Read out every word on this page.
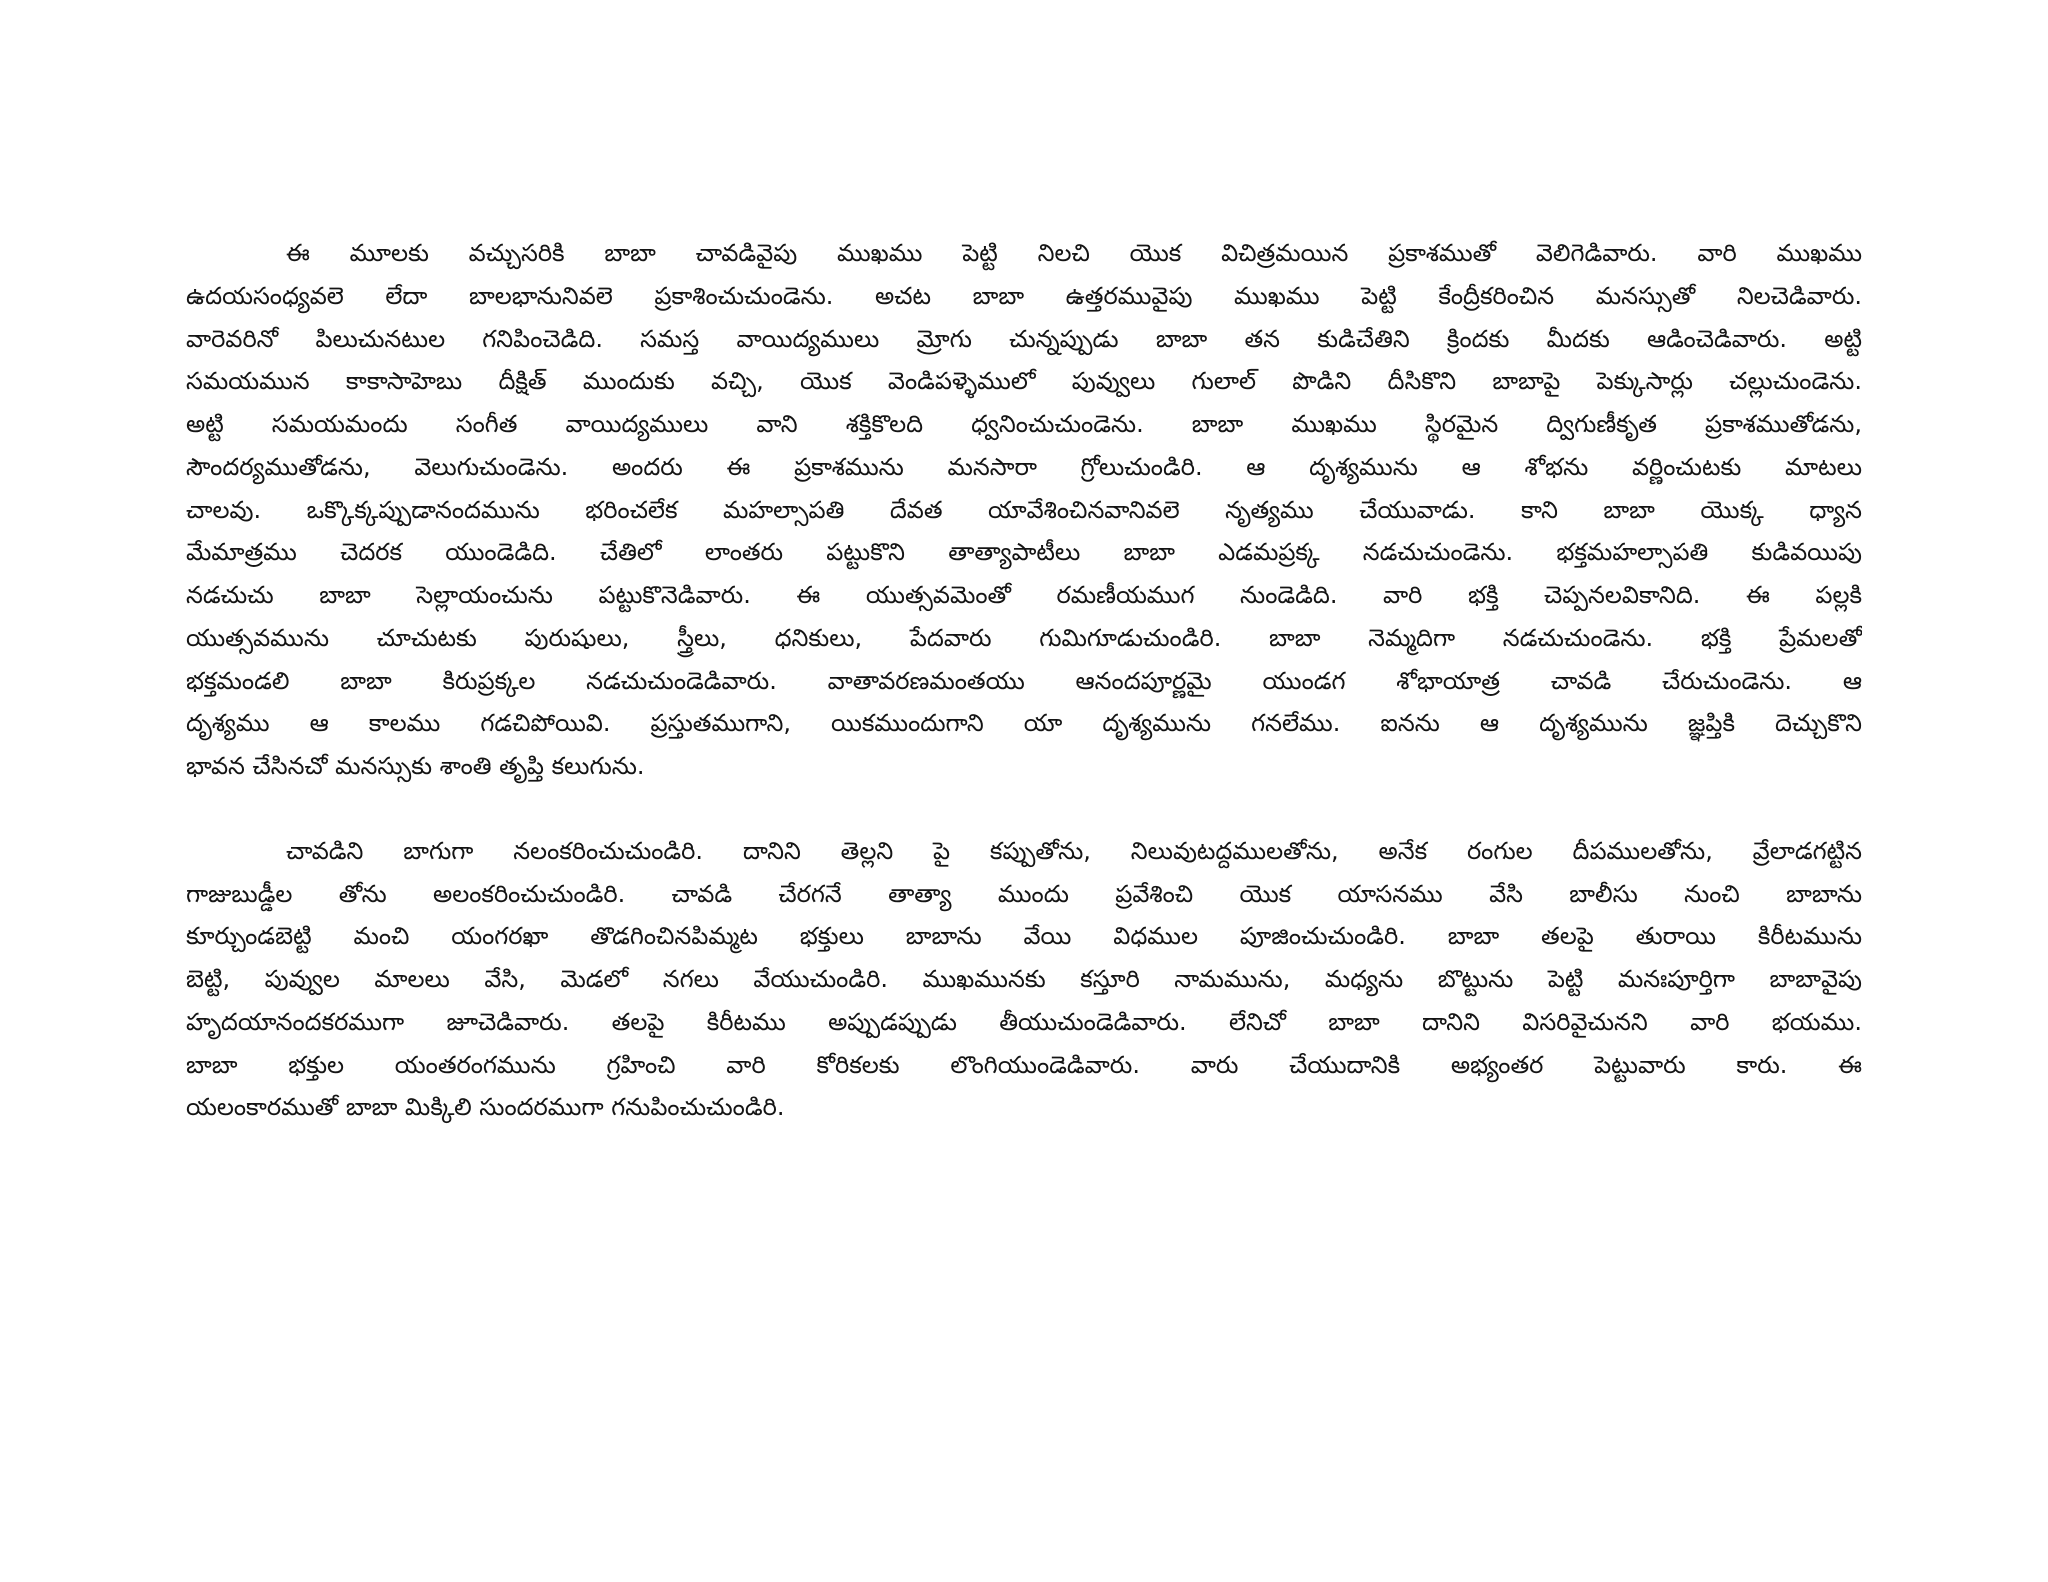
ఈ మూలకు వచ్చుసరికి బాబా చావడివైపు ముఖము పెట్టి నిలచి యొక విచిత్రమయిన ప్రకాశముతో వెలిగెడివారు. వారి ముఖము
ఉదయసంధ్యవలె లేదా బాలభానునివలె ప్రకాశించుచుండెను. అచట బాబా ఉత్తరమువైపు ముఖము పెట్టి కేంద్రీకరించిన మనస్సుతో నిలచెడివారు.
వారెవరినో పిలుచునటుల గనిపించెడిది. సమస్త వాయిద్యములు మ్రోగు చున్నప్పుడు బాబా తన కుడిచేతిని క్రిందకు మీదకు ఆడించెడివారు. అట్టి
సమయమున కాకాసాహెబు దీక్షిత్ ముందుకు వచ్చి, యొక వెండిపళ్ళెములో పువ్వులు గులాల్ పొడిని దీసికొని బాబాపై పెక్కుసార్లు చల్లుచుండెను.
అట్టి సమయమందు సంగీత వాయిద్యములు వాని శక్తికొలది ధ్వనించుచుండెను. బాబా ముఖము స్థిరమైన ద్విగుణీకృత ప్రకాశముతోడను,
సౌందర్యముతోడను, వెలుగుచుండెను. అందరు ఈ ప్రకాశమును మనసారా గ్రోలుచుండిరి. ఆ దృశ్యమును ఆ శోభను వర్ణించుటకు మాటలు
చాలవు. ఒక్కొక్కప్పుడానందమును భరించలేక మహల్సాపతి దేవత యావేశించినవానివలె నృత్యము చేయువాడు. కాని బాబా యొక్క ధ్యాన
మేమాత్రము చెదరక యుండెడిది. చేతిలో లాంతరు పట్టుకొని తాత్యాపాటీలు బాబా ఎడమప్రక్క నడచుచుండెను. భక్తమహల్సాపతి కుడివయిపు
నడచుచు బాబా సెల్లాయంచును పట్టుకొనెడివారు. ఈ యుత్సవమెంతో రమణీయముగ నుండెడిది. వారి భక్తి చెప్పనలవికానిది. ఈ పల్లకి
యుత్సవమును చూచుటకు పురుషులు, స్త్రీలు, ధనికులు, పేదవారు గుమిగూడుచుండిరి. బాబా నెమ్మదిగా నడచుచుండెను. భక్తి ప్రేమలతో
భక్తమండలి బాబా కిరుప్రక్కల నడచుచుండెడివారు. వాతావరణమంతయు ఆనందపూర్ణమై యుండగ శోభాయాత్ర చావడి చేరుచుండెను. ఆ
దృశ్యము ఆ కాలము గడచిపోయివి. ప్రస్తుతముగాని, యికముందుగాని యా దృశ్యమును గనలేము. ఐనను ఆ దృశ్యమును జ్ఞప్తికి దెచ్చుకొని
భావన చేసినచో మనస్సుకు శాంతి తృప్తి కలుగును.
చావడిని బాగుగా నలంకరించుచుండిరి. దానిని తెల్లని పై కప్పుతోను, నిలువుటద్దములతోను, అనేక రంగుల దీపములతోను, వ్రేలాడగట్టిన
గాజుబుడ్డీల తోను అలంకరించుచుండిరి. చావడి చేరగనే తాత్యా ముందు ప్రవేశించి యొక యాసనము వేసి బాలీసు నుంచి బాబాను
కూర్చుండబెట్టి మంచి యంగరఖా తొడగించినపిమ్మట భక్తులు బాబాను వేయి విధముల పూజించుచుండిరి. బాబా తలపై తురాయి కిరీటమును
బెట్టి, పువ్వుల మాలలు వేసి, మెడలో నగలు వేయుచుండిరి. ముఖమునకు కస్తూరి నామమును, మధ్యను బొట్టును పెట్టి మనఃపూర్తిగా బాబావైపు
హృదయానందకరముగా జూచెడివారు. తలపై కిరీటము అప్పుడప్పుడు తీయుచుండెడివారు. లేనిచో బాబా దానిని విసరివైచునని వారి భయము.
బాబా భక్తుల యంతరంగమును గ్రహించి వారి కోరికలకు లొంగియుండెడివారు. వారు చేయుదానికి అభ్యంతర పెట్టువారు కారు. ఈ
యలంకారముతో బాబా మిక్కిలి సుందరముగా గనుపించుచుండిరి.
